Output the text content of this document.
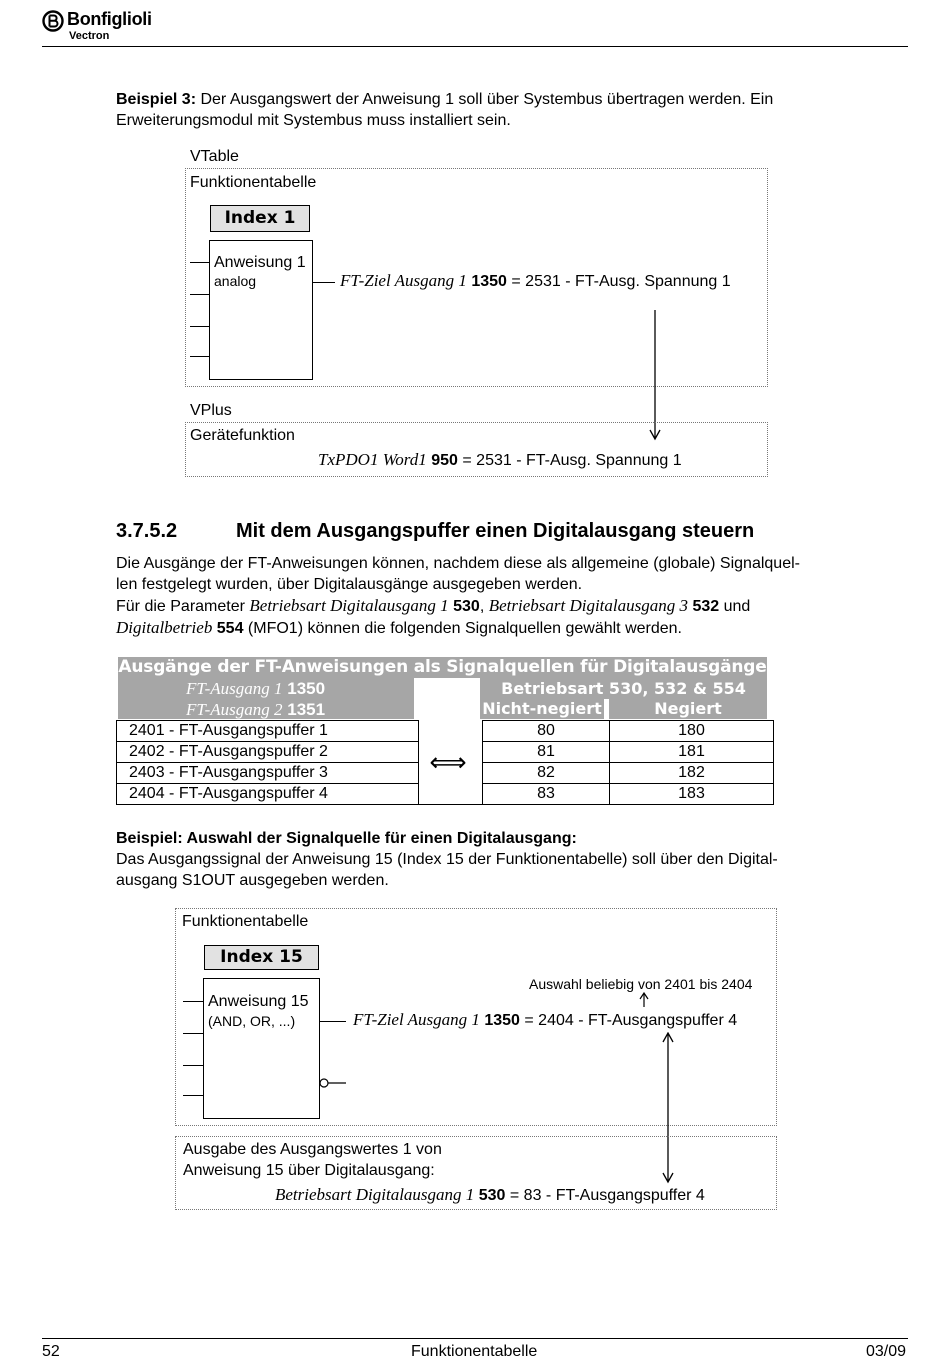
Bonfiglioli
Vectron
Beispiel 3: Der Ausgangswert der Anweisung 1 soll über Systembus übertragen werden. Ein
Erweiterungsmodul mit Systembus muss installiert sein.
VTable
Funktionentabelle
Index 1
Anweisung 1
analog	FT-Ziel Ausgang 1 1350 = 2531 - FT-Ausg. Spannung 1
VPlus
Gerätefunktion
TxPDO1 Word1 950 = 2531 - FT-Ausg. Spannung 1
3.7.5.2	Mit dem Ausgangspuffer einen Digitalausgang steuern
Die Ausgänge der FT-Anweisungen können, nachdem diese als allgemeine (globale) Signalquel-
len festgelegt wurden, über Digitalausgänge ausgegeben werden.
Für die Parameter Betriebsart Digitalausgang 1 530, Betriebsart Digitalausgang 3 532 und
Digitalbetrieb 554 (MFO1) können die folgenden Signalquellen gewählt werden.
Ausgänge der FT-Anweisungen als Signalquellen für Digitalausgänge
FT-Ausgang 1 1350
FT-Ausgang 2 1351
Betriebsart 530, 532 & 554
Nicht-negiert	Negiert
2401 - FT-Ausgangspuffer 1		80	180
2402 - FT-Ausgangspuffer 2		81	181
2403 - FT-Ausgangspuffer 3		82	182
2404 - FT-Ausgangspuffer 4		83	183
⟺
Beispiel: Auswahl der Signalquelle für einen Digitalausgang:
Das Ausgangssignal der Anweisung 15 (Index 15 der Funktionentabelle) soll über den Digital-
ausgang S1OUT ausgegeben werden.
Funktionentabelle
Index 15
Anweisung 15
(AND, OR, ...)
Auswahl beliebig von 2401 bis 2404
FT-Ziel Ausgang 1 1350 = 2404 - FT-Ausgangspuffer 4
Ausgabe des Ausgangswertes 1 von
Anweisung 15 über Digitalausgang:
Betriebsart Digitalausgang 1 530 = 83 - FT-Ausgangspuffer 4
52	Funktionentabelle	03/09
